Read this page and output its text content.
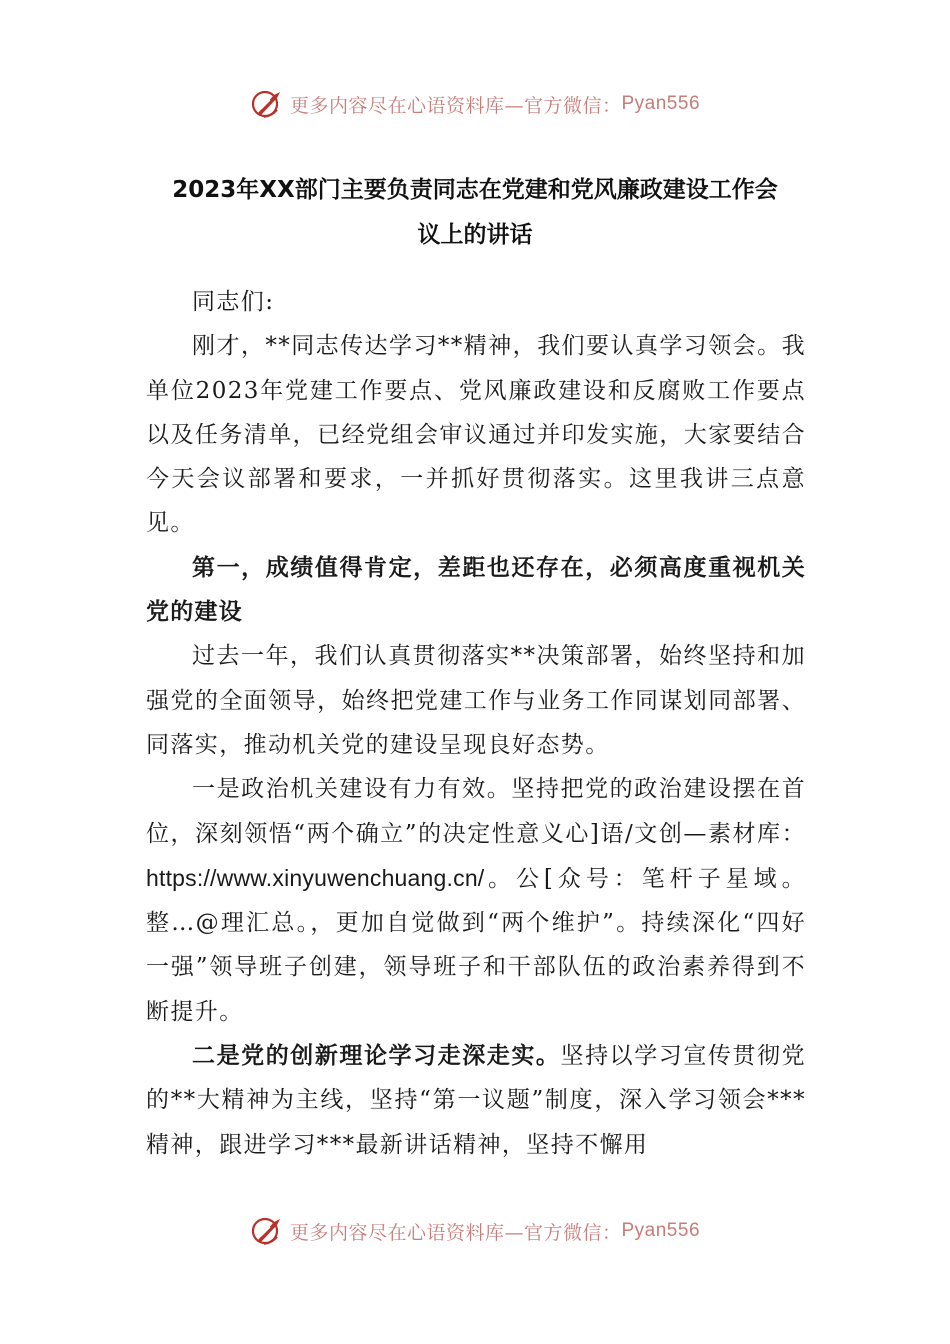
更多内容尽在心语资料库—官方微信： Pyan556
2023年XX部门主要负责同志在党建和党风廉政建设工作会
议上的讲话

同志们:

刚才，**同志传达学习**精神，我们要认真学习领会。我单位2023年党建工作要点、党风廉政建设和反腐败工作要点以及任务清单，已经党组会审议通过并印发实施，大家要结合今天会议部署和要求，一并抓好贯彻落实。这里我讲三点意见。

第一，成绩值得肯定，差距也还存在，必须高度重视机关党的建设

过去一年，我们认真贯彻落实**决策部署，始终坚持和加强党的全面领导，始终把党建工作与业务工作同谋划同部署、同落实，推动机关党的建设呈现良好态势。

一是政治机关建设有力有效。坚持把党的政治建设摆在首位，深刻领悟“两个确立”的决定性意义心]语/文创—素材库：https://www.xinyuwenchuang.cn/。公[众号：笔杆子星域。整…@理汇总。，更加自觉做到“两个维护”。持续深化“四好一强”领导班子创建，领导班子和干部队伍的政治素养得到不断提升。

二是党的创新理论学习走深走实。坚持以学习宣传贯彻党的**大精神为主线，坚持“第一议题”制度，深入学习领会***精神，跟进学习***最新讲话精神，坚持不懈用

更多内容尽在心语资料库—官方微信： Pyan556
